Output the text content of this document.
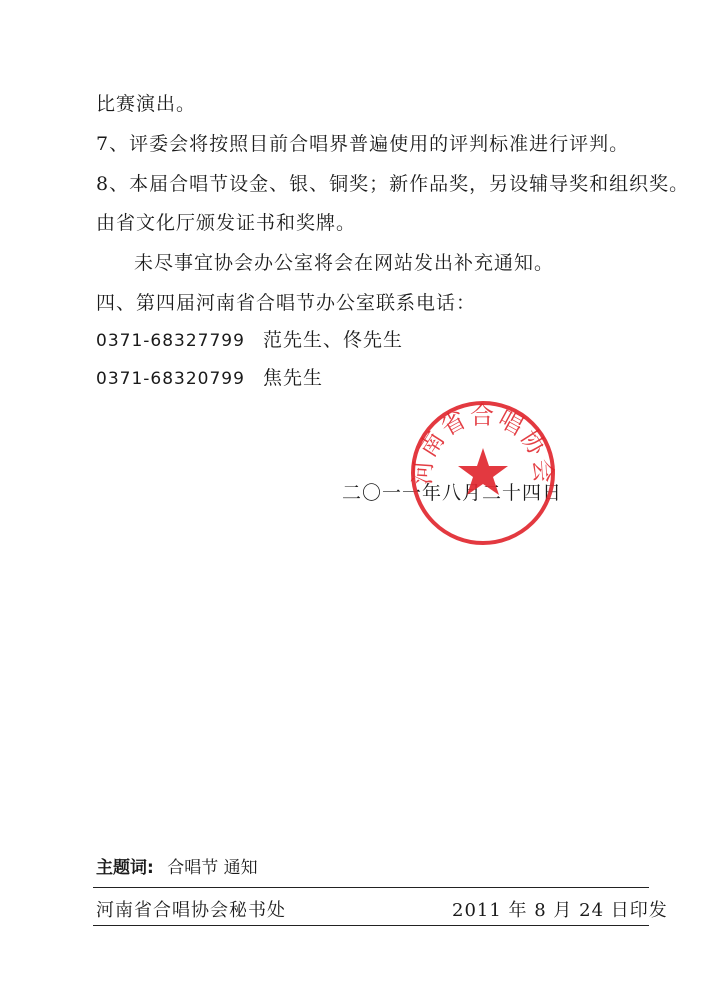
比赛演出。
7、评委会将按照目前合唱界普遍使用的评判标准进行评判。
8、本届合唱节设金、银、铜奖；新作品奖，另设辅导奖和组织奖。
由省文化厅颁发证书和奖牌。
未尽事宜协会办公室将会在网站发出补充通知。
四、第四届河南省合唱节办公室联系电话：
0371-68327799 范先生、佟先生
0371-68320799 焦先生
二〇一一年八月二十四日
河南省合唱协会
主题词: 合唱节 通知
河南省合唱协会秘书处	2011 年 8 月 24 日印发
